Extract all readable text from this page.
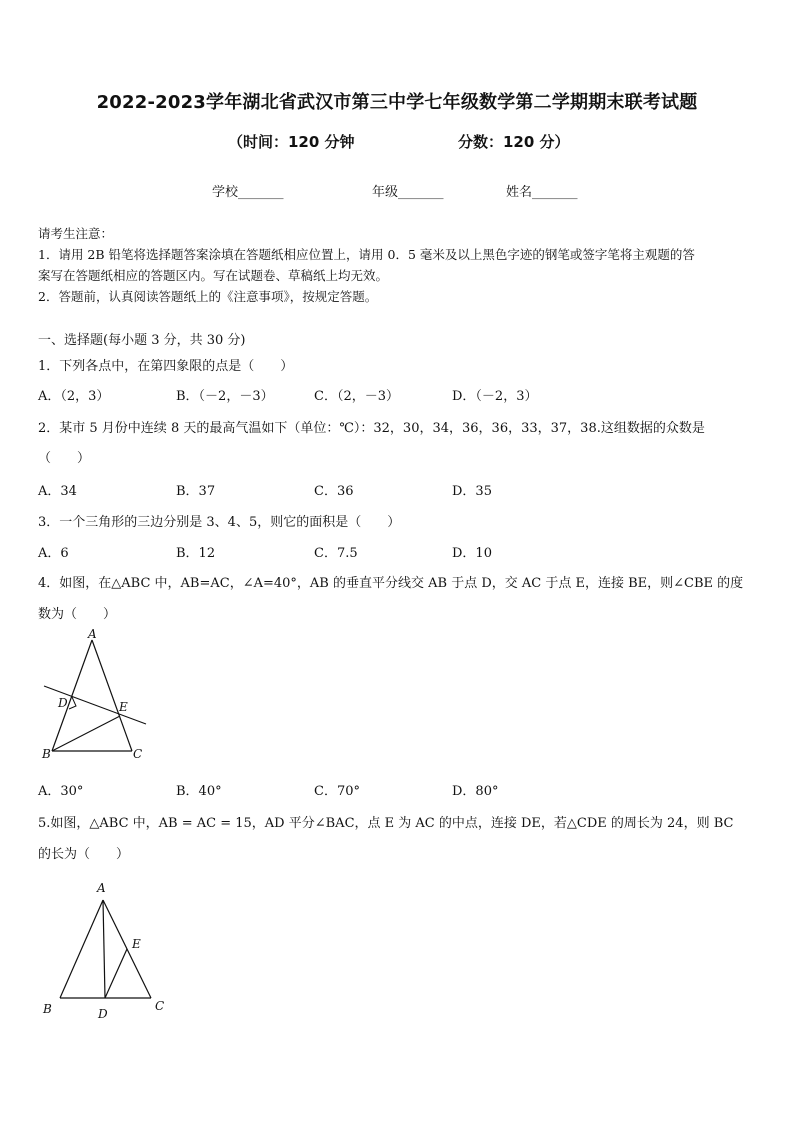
2022-2023学年湖北省武汉市第三中学七年级数学第二学期期末联考试题
（时间：120 分钟	分数：120 分）
学校_______	年级_______	姓名_______
请考生注意：
1．请用 2B 铅笔将选择题答案涂填在答题纸相应位置上，请用 0．5 毫米及以上黑色字迹的钢笔或签字笔将主观题的答
案写在答题纸相应的答题区内。写在试题卷、草稿纸上均无效。
2．答题前，认真阅读答题纸上的《注意事项》，按规定答题。
一、选择题(每小题 3 分，共 30 分)
1．下列各点中，在第四象限的点是（　　）
A．（2，3）	B．（－2，－3）	C．（2，－3）	D．（－2，3）
2．某市 5 月份中连续 8 天的最高气温如下（单位：℃）：32，30，34，36，36，33，37，38.这组数据的众数是
（　　）
A．34	B．37	C．36	D．35
3．一个三角形的三边分别是 3、4、5，则它的面积是（　　）
A．6	B．12	C．7.5	D．10
4．如图，在△ABC 中，AB=AC，∠A=40°，AB 的垂直平分线交 AB 于点 D，交 AC 于点 E，连接 BE，则∠CBE 的度
数为（　　）
A
D	E
B	C
A．30°	B．40°	C．70°	D．80°
5.如图，△ABC 中，AB = AC = 15，AD 平分∠BAC，点 E 为 AC 的中点，连接 DE，若△CDE 的周长为 24，则 BC
的长为（　　）
A
E
B	D
C
